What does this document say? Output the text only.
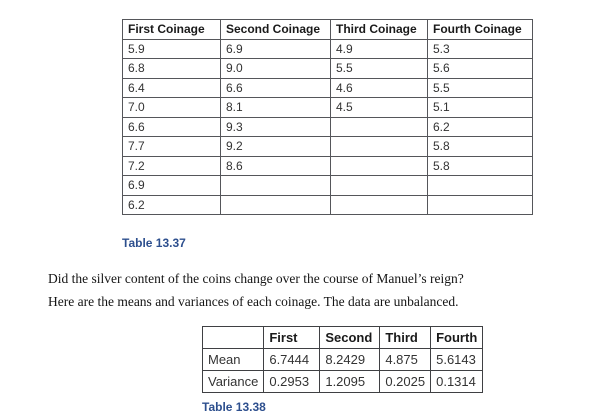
First Coinage	Second Coinage	Third Coinage	Fourth Coinage
5.9	6.9	4.9	5.3
6.8	9.0	5.5	5.6
6.4	6.6	4.6	5.5
7.0	8.1	4.5	5.1
6.6	9.3		6.2
7.7	9.2		5.8
7.2	8.6		5.8
6.9			
6.2			
Table 13.37

Did the silver content of the coins change over the course of Manuel’s reign?

Here are the means and variances of each coinage. The data are unbalanced.

	First	Second	Third	Fourth
Mean	6.7444	8.2429	4.875	5.6143
Variance	0.2953	1.2095	0.2025	0.1314
Table 13.38
